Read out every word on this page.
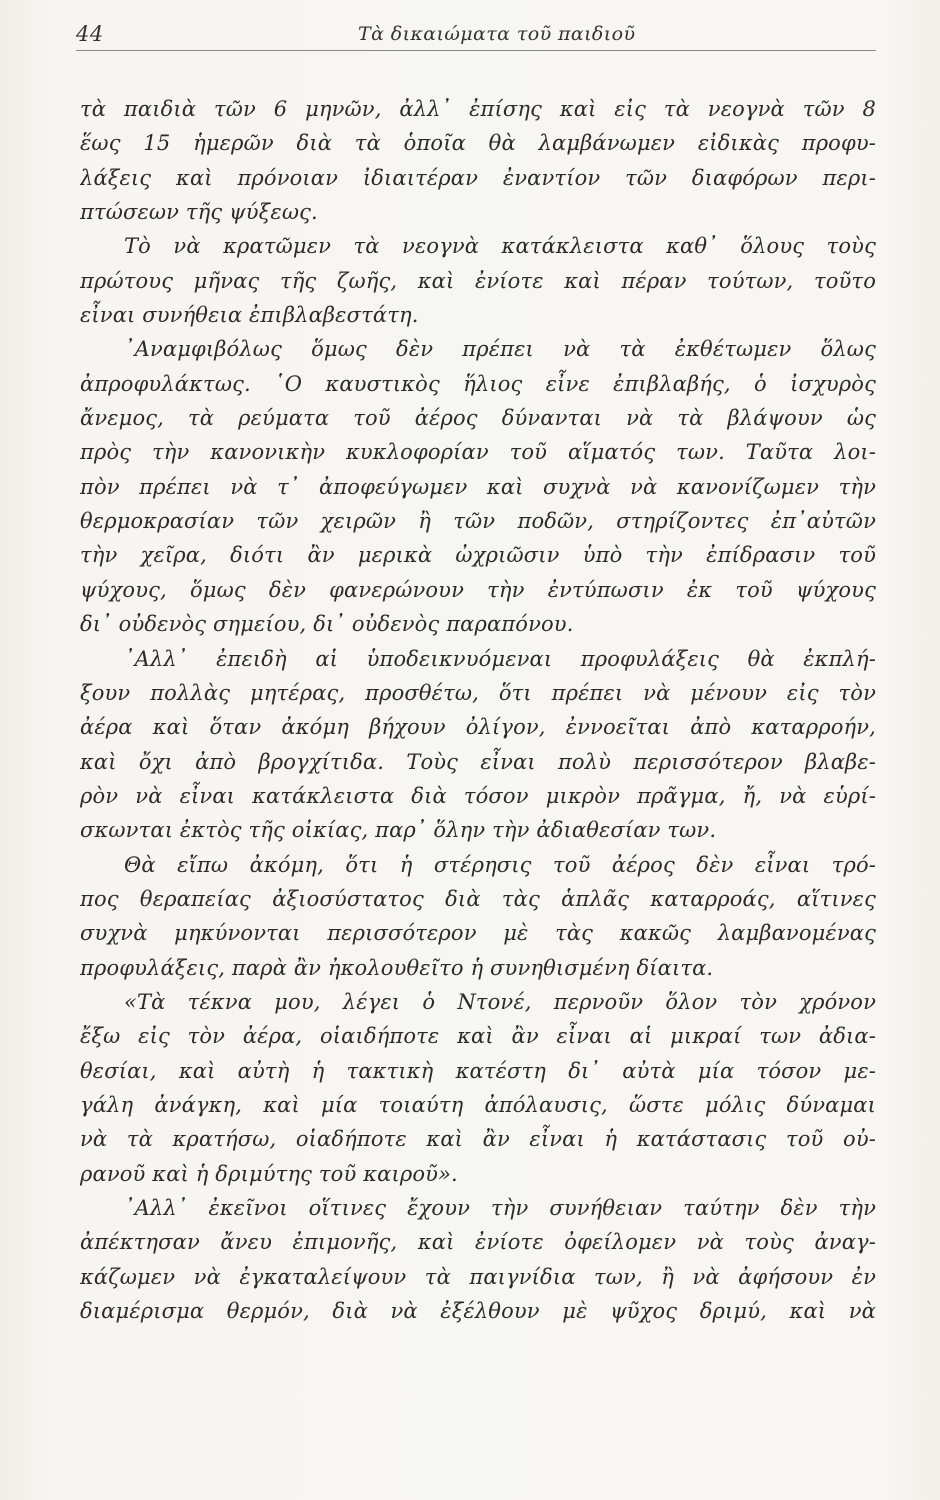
44	Τὰ δικαιώματα τοῦ παιδιοῦ
τὰ παιδιὰ τῶν 6 μηνῶν, ἀλλ᾽ ἐπίσης καὶ εἰς τὰ νεογνὰ τῶν 8
ἕως 15 ἡμερῶν διὰ τὰ ὁποῖα θὰ λαμβάνωμεν εἰδικὰς προφυ-
λάξεις καὶ πρόνοιαν ἰδιαιτέραν ἐναντίον τῶν διαφόρων περι-
πτώσεων τῆς ψύξεως.
Τὸ νὰ κρατῶμεν τὰ νεογνὰ κατάκλειστα καθ᾽ ὅλους τοὺς
πρώτους μῆνας τῆς ζωῆς, καὶ ἐνίοτε καὶ πέραν τούτων, τοῦτο
εἶναι συνήθεια ἐπιβλαβεστάτη.
᾽Αναμφιβόλως ὅμως δὲν πρέπει νὰ τὰ ἐκθέτωμεν ὅλως
ἀπροφυλάκτως. ῾Ο καυστικὸς ἥλιος εἶνε ἐπιβλαβής, ὁ ἰσχυρὸς
ἄνεμος, τὰ ρεύματα τοῦ ἀέρος δύνανται νὰ τὰ βλάψουν ὡς
πρὸς τὴν κανονικὴν κυκλοφορίαν τοῦ αἵματός των. Ταῦτα λοι-
πὸν πρέπει νὰ τ᾽ ἀποφεύγωμεν καὶ συχνὰ νὰ κανονίζωμεν τὴν
θερμοκρασίαν τῶν χειρῶν ἢ τῶν ποδῶν, στηρίζοντες ἐπ᾽αὐτῶν
τὴν χεῖρα, διότι ἂν μερικὰ ὠχριῶσιν ὑπὸ τὴν ἐπίδρασιν τοῦ
ψύχους, ὅμως δὲν φανερώνουν τὴν ἐντύπωσιν ἐκ τοῦ ψύχους
δι᾽ οὐδενὸς σημείου, δι᾽ οὐδενὸς παραπόνου.
᾽Αλλ᾽ ἐπειδὴ αἱ ὑποδεικνυόμεναι προφυλάξεις θὰ ἐκπλή-
ξουν πολλὰς μητέρας, προσθέτω, ὅτι πρέπει νὰ μένουν εἰς τὸν
ἀέρα καὶ ὅταν ἀκόμη βήχουν ὀλίγον, ἐννοεῖται ἀπὸ καταρροήν,
καὶ ὄχι ἀπὸ βρογχίτιδα. Τοὺς εἶναι πολὺ περισσότερον βλαβε-
ρὸν νὰ εἶναι κατάκλειστα διὰ τόσον μικρὸν πρᾶγμα, ἤ, νὰ εὑρί-
σκωνται ἐκτὸς τῆς οἰκίας, παρ᾽ ὅλην τὴν ἀδιαθεσίαν των.
Θὰ εἴπω ἀκόμη, ὅτι ἡ στέρησις τοῦ ἀέρος δὲν εἶναι τρό-
πος θεραπείας ἀξιοσύστατος διὰ τὰς ἁπλᾶς καταρροάς, αἵτινες
συχνὰ μηκύνονται περισσότερον μὲ τὰς κακῶς λαμβανομένας
προφυλάξεις, παρὰ ἂν ἠκολουθεῖτο ἡ συνηθισμένη δίαιτα.
«Τὰ τέκνα μου, λέγει ὁ Ντονέ, περνοῦν ὅλον τὸν χρόνον
ἔξω εἰς τὸν ἀέρα, οἱαιδήποτε καὶ ἂν εἶναι αἱ μικραί των ἀδια-
θεσίαι, καὶ αὐτὴ ἡ τακτικὴ κατέστη δι᾽ αὐτὰ μία τόσον με-
γάλη ἀνάγκη, καὶ μία τοιαύτη ἀπόλαυσις, ὥστε μόλις δύναμαι
νὰ τὰ κρατήσω, οἱαδήποτε καὶ ἂν εἶναι ἡ κατάστασις τοῦ οὐ-
ρανοῦ καὶ ἡ δριμύτης τοῦ καιροῦ».
᾽Αλλ᾽ ἐκεῖνοι οἵτινες ἔχουν τὴν συνήθειαν ταύτην δὲν τὴν
ἀπέκτησαν ἄνευ ἐπιμονῆς, καὶ ἐνίοτε ὀφείλομεν νὰ τοὺς ἀναγ-
κάζωμεν νὰ ἐγκαταλείψουν τὰ παιγνίδια των, ἢ νὰ ἀφήσουν ἐν
διαμέρισμα θερμόν, διὰ νὰ ἐξέλθουν μὲ ψῦχος δριμύ, καὶ νὰ
